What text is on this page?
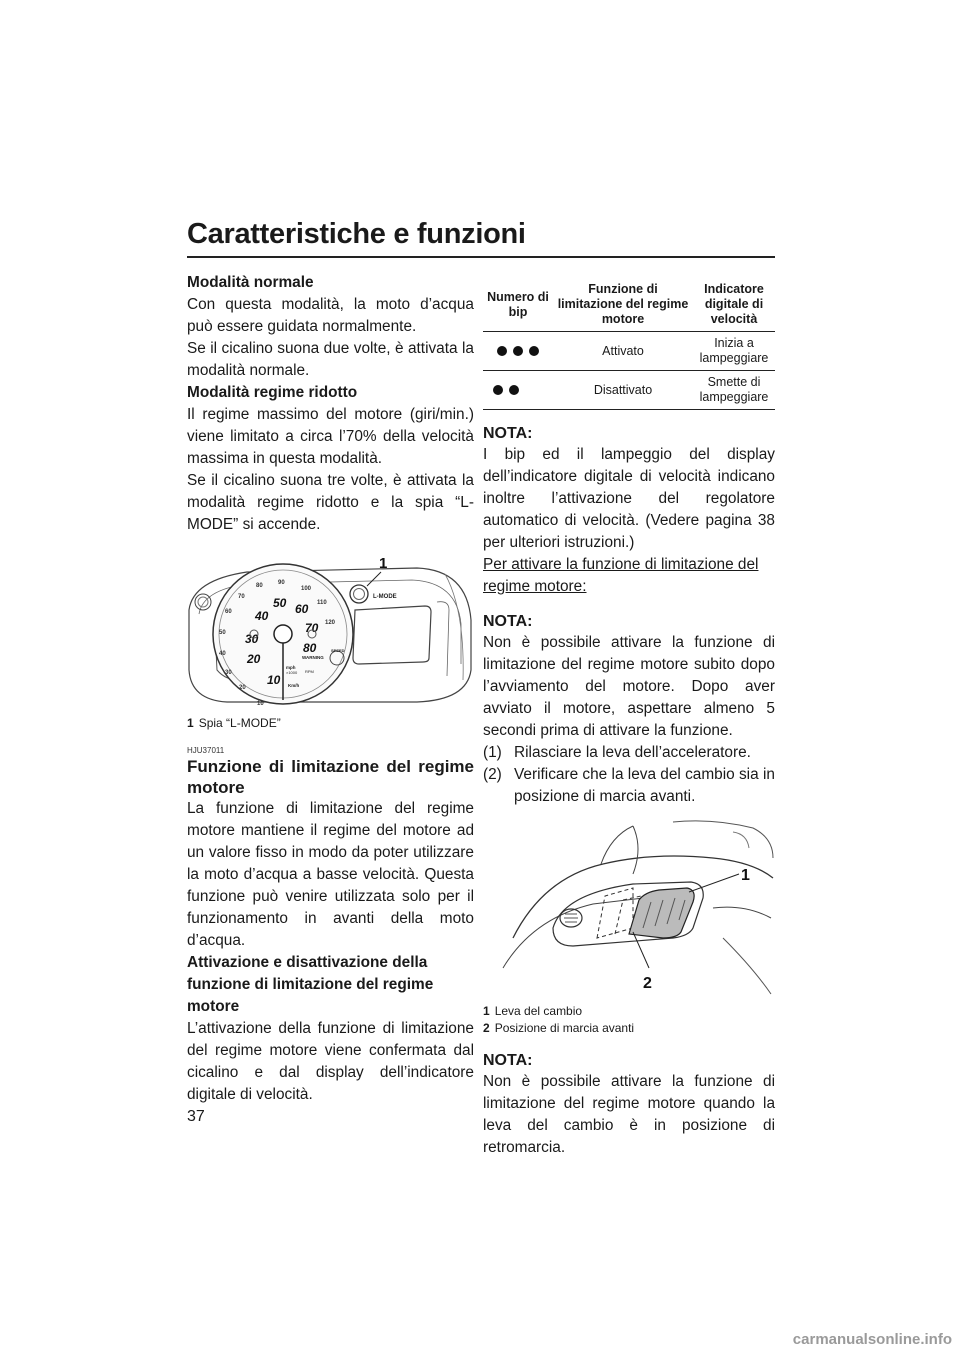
Caratteristiche e funzioni

Modalità normale

Con questa modalità, la moto d’acqua può essere guidata normalmente.

Se il cicalino suona due volte, è attivata la modalità normale.

Modalità regime ridotto

Il regime massimo del motore (giri/min.) viene limitato a circa l’70% della velocità massima in questa modalità.

Se il cicalino suona tre volte, è attivata la modalità regime ridotto e la spia “L-MODE” si accende.

10
20
30
40
50
60
70
80	90
100
110
120
10
20
30
40
50 60
70
80
WARNING
mph
×1000 RPM
Km/h
SPEED
L-MODE
1
1 Spia “L-MODE”
HJU37011

Funzione di limitazione del regime motore

La funzione di limitazione del regime motore mantiene il regime del motore ad un valore fisso in modo da poter utilizzare la moto d’acqua a basse velocità. Questa funzione può venire utilizzata solo per il funzionamento in avanti della moto d’acqua.

Attivazione e disattivazione della funzione di limitazione del regime motore

L’attivazione della funzione di limitazione del regime motore viene confermata dal cicalino e dal display dell’indicatore digitale di velocità.

Numero di bip	Funzione di limitazione del regime motore	Indicatore digitale di velocità

	Attivato	Inizia a lampeggiare

	Disattivato	Smette di lampeggiare
NOTA:

I bip ed il lampeggio del display dell’indicatore digitale di velocità indicano inoltre l’attivazione del regolatore automatico di velocità. (Vedere pagina 38 per ulteriori istruzioni.)

Per attivare la funzione di limitazione del regime motore:

NOTA:

Non è possibile attivare la funzione di limitazione del regime motore subito dopo l’avviamento del motore. Dopo aver avviato il motore, aspettare almeno 5 secondi prima di attivare la funzione.

(1) Rilasciare la leva dell’acceleratore.
(2) Verificare che la leva del cambio sia in posizione di marcia avanti.
1
2
1 Leva del cambio
2 Posizione di marcia avanti
NOTA:

Non è possibile attivare la funzione di limitazione del regime motore quando la leva del cambio è in posizione di retromarcia.

37
carmanualsonline.info
